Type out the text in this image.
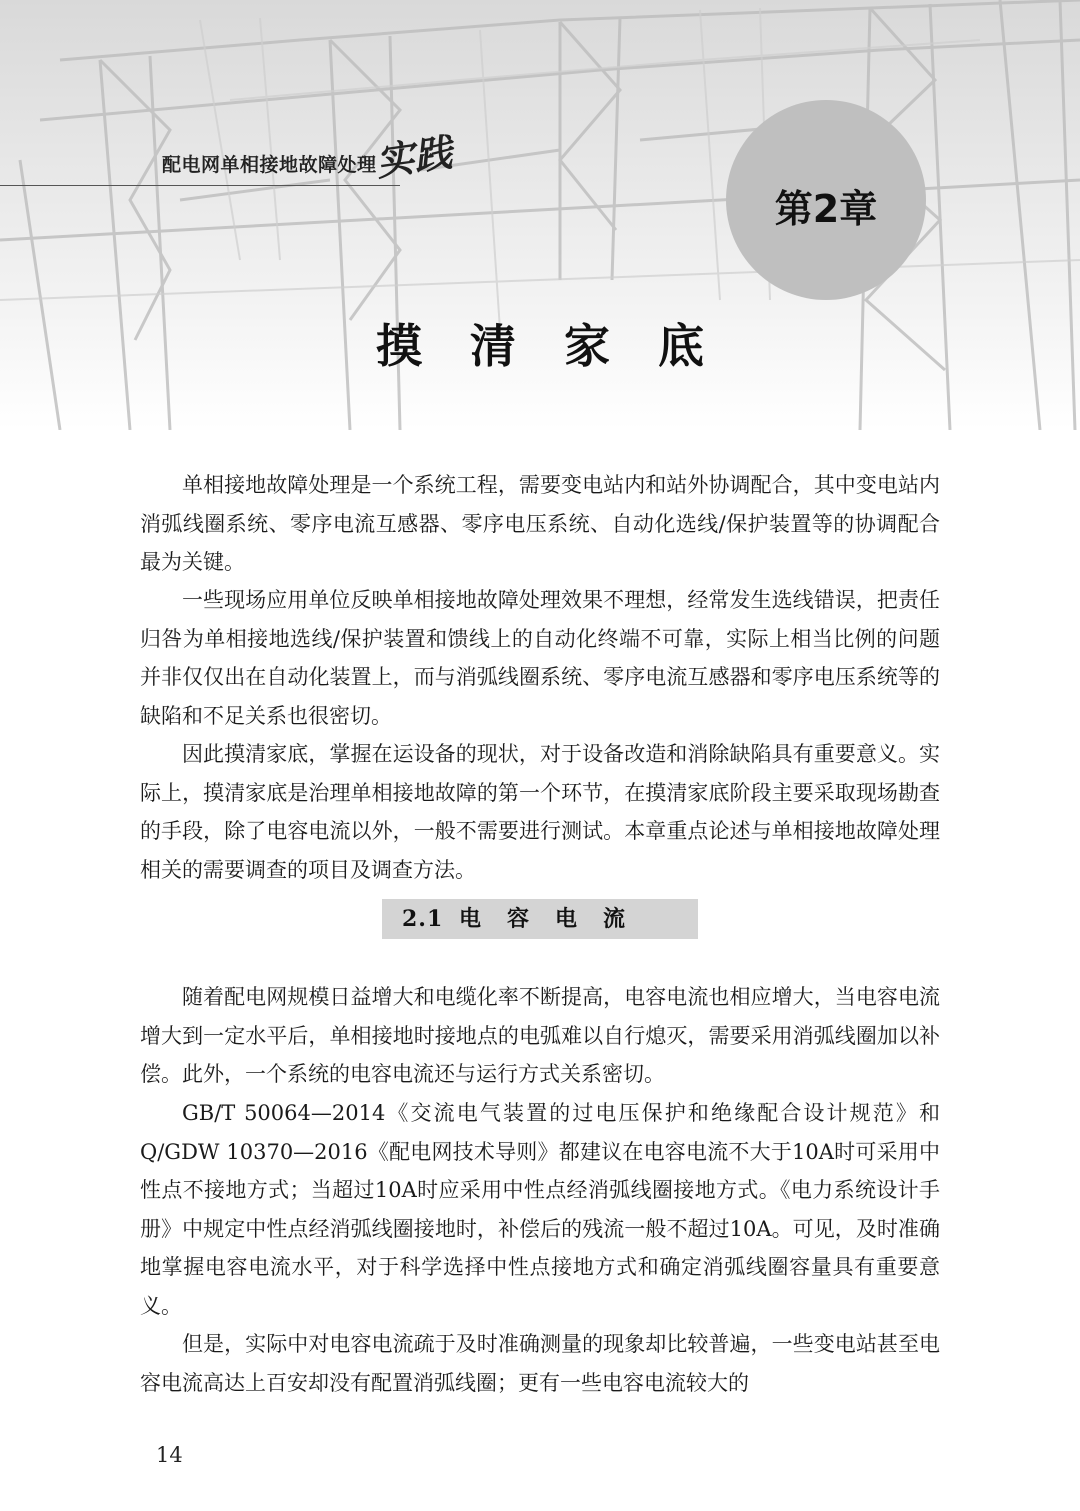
配电网单相接地故障处理
实践
第2章
摸清家底

单相接地故障处理是一个系统工程，需要变电站内和站外协调配合，其中变电站内消弧线圈系统、零序电流互感器、零序电压系统、自动化选线/保护装置等的协调配合最为关键。

一些现场应用单位反映单相接地故障处理效果不理想，经常发生选线错误，把责任归咎为单相接地选线/保护装置和馈线上的自动化终端不可靠，实际上相当比例的问题并非仅仅出在自动化装置上，而与消弧线圈系统、零序电流互感器和零序电压系统等的缺陷和不足关系也很密切。

因此摸清家底，掌握在运设备的现状，对于设备改造和消除缺陷具有重要意义。实际上，摸清家底是治理单相接地故障的第一个环节，在摸清家底阶段主要采取现场勘查的手段，除了电容电流以外，一般不需要进行测试。本章重点论述与单相接地故障处理相关的需要调查的项目及调查方法。

2.1 电容电流

随着配电网规模日益增大和电缆化率不断提高，电容电流也相应增大，当电容电流增大到一定水平后，单相接地时接地点的电弧难以自行熄灭，需要采用消弧线圈加以补偿。此外，一个系统的电容电流还与运行方式关系密切。

GB/T 50064—2014《交流电气装置的过电压保护和绝缘配合设计规范》和Q/GDW 10370—2016《配电网技术导则》都建议在电容电流不大于10A时可采用中性点不接地方式；当超过10A时应采用中性点经消弧线圈接地方式。《电力系统设计手册》中规定中性点经消弧线圈接地时，补偿后的残流一般不超过10A。可见，及时准确地掌握电容电流水平，对于科学选择中性点接地方式和确定消弧线圈容量具有重要意义。

但是，实际中对电容电流疏于及时准确测量的现象却比较普遍，一些变电站甚至电容电流高达上百安却没有配置消弧线圈；更有一些电容电流较大的

14
